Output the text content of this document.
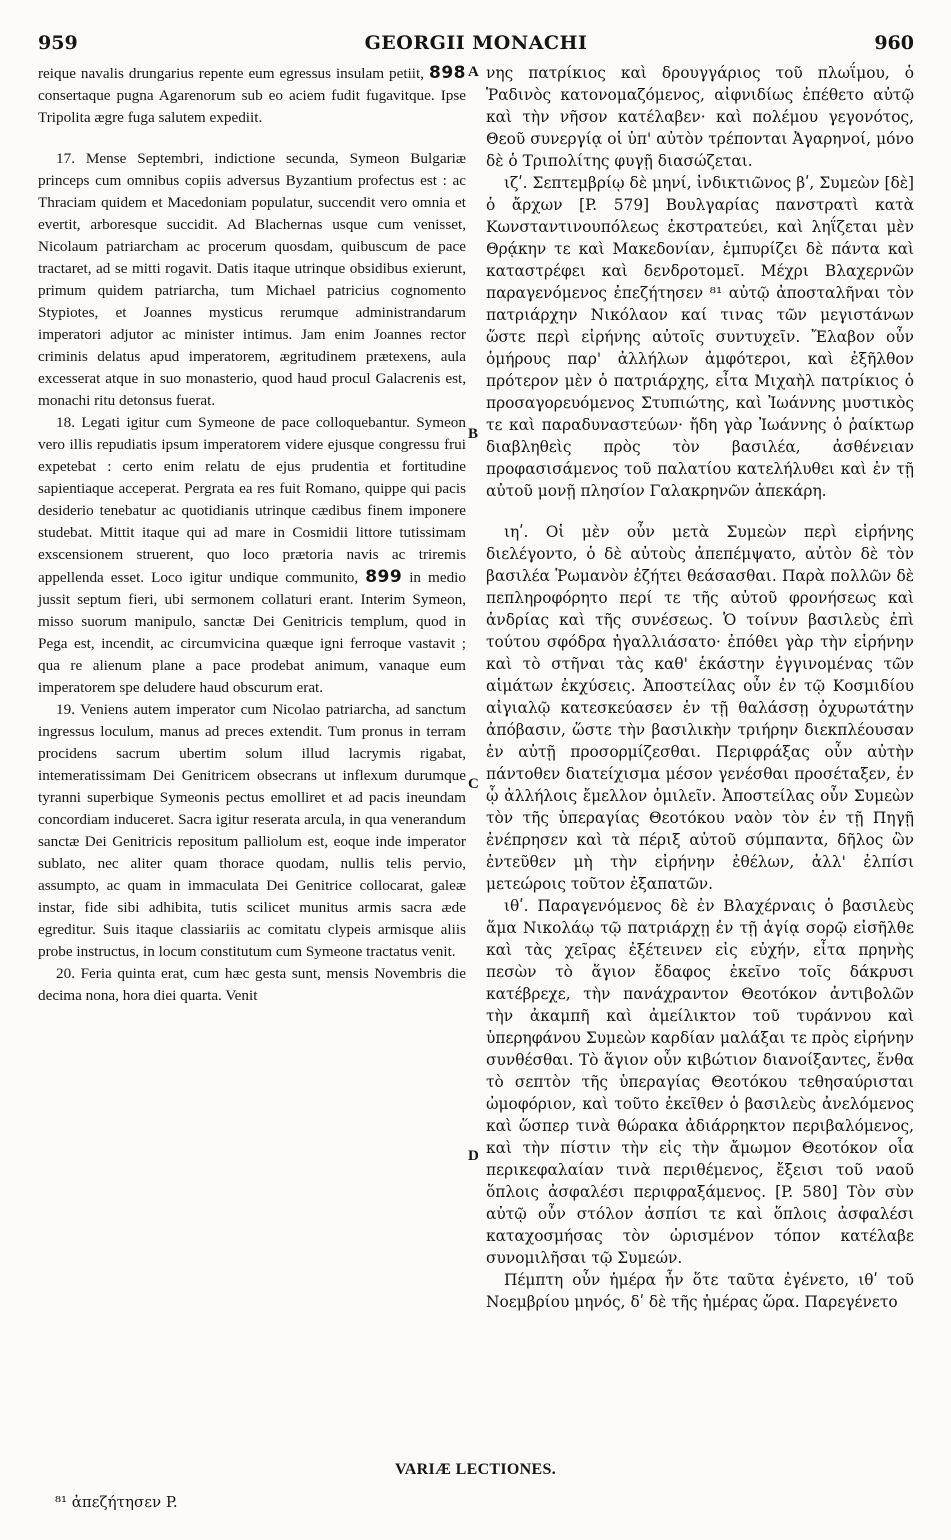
959	GEORGII MONACHI	960

reique navalis drungarius repente eum egressus insulam petiit, 898 consertaque pugna Agarenorum sub eo aciem fudit fugavitque. Ipse Tripolita ægre fuga salutem expediit.

17. Mense Septembri, indictione secunda, Symeon Bulgariæ princeps cum omnibus copiis adversus Byzantium profectus est : ac Thraciam quidem et Macedoniam populatur, succendit vero omnia et evertit, arboresque succidit. Ad Blachernas usque cum venisset, Nicolaum patriarcham ac procerum quosdam, quibuscum de pace tractaret, ad se mitti rogavit. Datis itaque utrinque obsidibus exierunt, primum quidem patriarcha, tum Michael patricius cognomento Stypiotes, et Joannes mysticus rerumque administrandarum imperatori adjutor ac minister intimus. Jam enim Joannes rector criminis delatus apud imperatorem, ægritudinem prætexens, aula excesserat atque in suo monasterio, quod haud procul Galacrenis est, monachi ritu detonsus fuerat.

18. Legati igitur cum Symeone de pace colloquebantur. Symeon vero illis repudiatis ipsum imperatorem videre ejusque congressu frui expetebat : certo enim relatu de ejus prudentia et fortitudine sapientiaque acceperat. Pergrata ea res fuit Romano, quippe qui pacis desiderio tenebatur ac quotidianis utrinque cædibus finem imponere studebat. Mittit itaque qui ad mare in Cosmidii littore tutissimam exscensionem struerent, quo loco prætoria navis ac triremis appellenda esset. Loco igitur undique communito, 899 in medio jussit septum fieri, ubi sermonem collaturi erant. Interim Symeon, misso suorum manipulo, sanctæ Dei Genitricis templum, quod in Pega est, incendit, ac circumvicina quæque igni ferroque vastavit ; qua re alienum plane a pace prodebat animum, vanaque eum imperatorem spe deludere haud obscurum erat.

19. Veniens autem imperator cum Nicolao patriarcha, ad sanctum ingressus loculum, manus ad preces extendit. Tum pronus in terram procidens sacrum ubertim solum illud lacrymis rigabat, intemeratissimam Dei Genitricem obsecrans ut inflexum durumque tyranni superbique Symeonis pectus emolliret et ad pacis ineundam concordiam induceret. Sacra igitur reserata arcula, in qua venerandum sanctæ Dei Genitricis repositum palliolum est, eoque inde imperator sublato, nec aliter quam thorace quodam, nullis telis pervio, assumpto, ac quam in immaculata Dei Genitrice collocarat, galeæ instar, fide sibi adhibita, tutis scilicet munitus armis sacra æde egreditur. Suis itaque classiariis ac comitatu clypeis armisque aliis probe instructus, in locum constitutum cum Symeone tractatus venit.

20. Feria quinta erat, cum hæc gesta sunt, mensis Novembris die decima nona, hora diei quarta. Venit

A
B
C
D

νης πατρίκιος καὶ δρουγγάριος τοῦ πλωΐμου, ὁ Ῥαδινὸς κατονομαζόμενος, αἰφνιδίως ἐπέθετο αὐτῷ καὶ τὴν νῆσον κατέλαβεν· καὶ πολέμου γεγονότος, Θεοῦ συνεργίᾳ οἱ ὑπ' αὐτὸν τρέπονται Ἀγαρηνοί, μόνο δὲ ὁ Τριπολίτης φυγῇ διασώζεται.

ιζʹ. Σεπτεμβρίῳ δὲ μηνί, ἰνδικτιῶνος βʹ, Συμεὼν [δὲ] ὁ ἄρχων [P. 579] Βουλγαρίας πανστρατὶ κατὰ Κωνσταντινουπόλεως ἐκστρατεύει, καὶ ληΐζεται μὲν Θρᾴκην τε καὶ Μακεδονίαν, ἐμπυρίζει δὲ πάντα καὶ καταστρέφει καὶ δενδροτομεῖ. Μέχρι Βλαχερνῶν παραγενόμενος ἐπεζήτησεν ⁸¹ αὐτῷ ἀποσταλῆναι τὸν πατριάρχην Νικόλαον καί τινας τῶν μεγιστάνων ὥστε περὶ εἰρήνης αὐτοῖς συντυχεῖν. Ἔλαβον οὖν ὁμήρους παρ' ἀλλήλων ἀμφότεροι, καὶ ἐξῆλθον πρότερον μὲν ὁ πατριάρχης, εἶτα Μιχαὴλ πατρίκιος ὁ προσαγορευόμενος Στυπιώτης, καὶ Ἰωάννης μυστικὸς τε καὶ παραδυναστεύων· ἤδη γὰρ Ἰωάννης ὁ ῥαίκτωρ διαβληθεὶς πρὸς τὸν βασιλέα, ἀσθένειαν προφασισάμενος τοῦ παλατίου κατελήλυθει καὶ ἐν τῇ αὐτοῦ μονῇ πλησίον Γαλακρηνῶν ἀπεκάρη.

ιηʹ. Οἱ μὲν οὖν μετὰ Συμεὼν περὶ εἰρήνης διελέγοντο, ὁ δὲ αὐτοὺς ἀπεπέμψατο, αὐτὸν δὲ τὸν βασιλέα Ῥωμανὸν ἐζήτει θεάσασθαι. Παρὰ πολλῶν δὲ πεπληροφόρητο περί τε τῆς αὐτοῦ φρονήσεως καὶ ἀνδρίας καὶ τῆς συνέσεως. Ὁ τοίνυν βασιλεὺς ἐπὶ τούτου σφόδρα ἠγαλλιάσατο· ἐπόθει γὰρ τὴν εἰρήνην καὶ τὸ στῆναι τὰς καθ' ἑκάστην ἐγγινομένας τῶν αἱμάτων ἐκχύσεις. Ἀποστείλας οὖν ἐν τῷ Κοσμιδίου αἰγιαλῷ κατεσκεύασεν ἐν τῇ θαλάσσῃ ὀχυρωτάτην ἀπόβασιν, ὥστε τὴν βασιλικὴν τριήρην διεκπλέουσαν ἐν αὐτῇ προσορμίζεσθαι. Περιφράξας οὖν αὐτὴν πάντοθεν διατείχισμα μέσον γενέσθαι προσέταξεν, ἐν ᾧ ἀλλήλοις ἔμελλον ὁμιλεῖν. Ἀποστείλας οὖν Συμεὼν τὸν τῆς ὑπεραγίας Θεοτόκου ναὸν τὸν ἐν τῇ Πηγῇ ἐνέπρησεν καὶ τὰ πέριξ αὐτοῦ σύμπαντα, δῆλος ὢν ἐντεῦθεν μὴ τὴν εἰρήνην ἐθέλων, ἀλλ' ἐλπίσι μετεώροις τοῦτον ἐξαπατῶν.

ιθʹ. Παραγενόμενος δὲ ἐν Βλαχέρναις ὁ βασιλεὺς ἅμα Νικολάῳ τῷ πατριάρχῃ ἐν τῇ ἁγίᾳ σορῷ εἰσῆλθε καὶ τὰς χεῖρας ἐξέτεινεν εἰς εὐχήν, εἶτα πρηνὴς πεσὼν τὸ ἅγιον ἔδαφος ἐκεῖνο τοῖς δάκρυσι κατέβρεχε, τὴν πανάχραντον Θεοτόκον ἀντιβολῶν τὴν ἀκαμπῆ καὶ ἀμείλικτον τοῦ τυράννου καὶ ὑπερηφάνου Συμεὼν καρδίαν μαλάξαι τε πρὸς εἰρήνην συνθέσθαι. Τὸ ἅγιον οὖν κιβώτιον διανοίξαντες, ἔνθα τὸ σεπτὸν τῆς ὑπεραγίας Θεοτόκου τεθησαύρισται ὠμοφόριον, καὶ τοῦτο ἐκεῖθεν ὁ βασιλεὺς ἀνελόμενος καὶ ὥσπερ τινὰ θώρακα ἀδιάρρηκτον περιβαλόμενος, καὶ τὴν πίστιν τὴν εἰς τὴν ἄμωμον Θεοτόκον οἷα περικεφαλαίαν τινὰ περιθέμενος, ἔξεισι τοῦ ναοῦ ὅπλοις ἀσφαλέσι περιφραξάμενος. [P. 580] Τὸν σὺν αὐτῷ οὖν στόλον ἀσπίσι τε καὶ ὅπλοις ἀσφαλέσι καταχοσμήσας τὸν ὡρισμένον τόπον κατέλαβε συνομιλῆσαι τῷ Συμεών.

Πέμπτη οὖν ἡμέρα ἦν ὅτε ταῦτα ἐγένετο, ιθʹ τοῦ Νοεμβρίου μηνός, δʹ δὲ τῆς ἡμέρας ὥρα. Παρεγένετο

VARIÆ LECTIONES.
⁸¹ ἀπεζήτησεν P.
